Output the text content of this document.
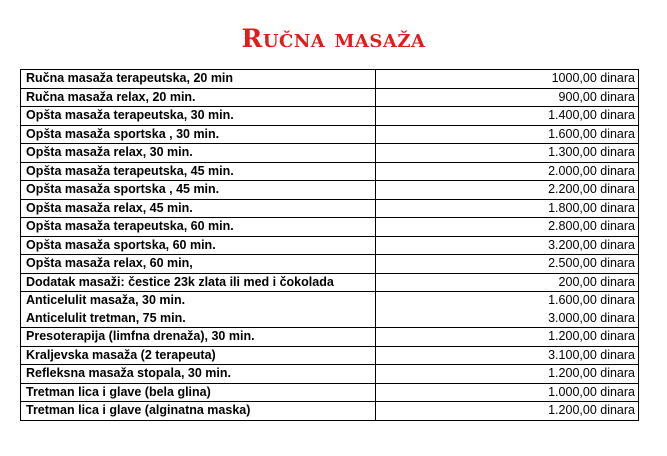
Ručna masaža
Ručna masaža terapeutska, 20 min	1000,00 dinara
Ručna masaža relax, 20 min.	900,00 dinara
Opšta masaža terapeutska, 30 min.	1.400,00 dinara
Opšta masaža sportska , 30 min.	1.600,00 dinara
Opšta masaža relax, 30 min.	1.300,00 dinara
Opšta masaža terapeutska, 45 min.	2.000,00 dinara
Opšta masaža sportska , 45 min.	2.200,00 dinara
Opšta masaža relax, 45 min.	1.800,00 dinara
Opšta masaža terapeutska, 60 min.	2.800,00 dinara
Opšta masaža sportska, 60 min.	3.200,00 dinara
Opšta masaža relax, 60 min,	2.500,00 dinara
Dodatak masaži: čestice 23k zlata ili med i čokolada	200,00 dinara
Anticelulit masaža, 30 min.	1.600,00 dinara
Anticelulit tretman, 75 min.	3.000,00 dinara
Presoterapija (limfna drenaža), 30 min.	1.200,00 dinara
Kraljevska masaža (2 terapeuta)	3.100,00 dinara
Refleksna masaža stopala, 30 min.	1.200,00 dinara
Tretman lica i glave (bela glina)	1.000,00 dinara
Tretman lica i glave (alginatna maska)	1.200,00 dinara
